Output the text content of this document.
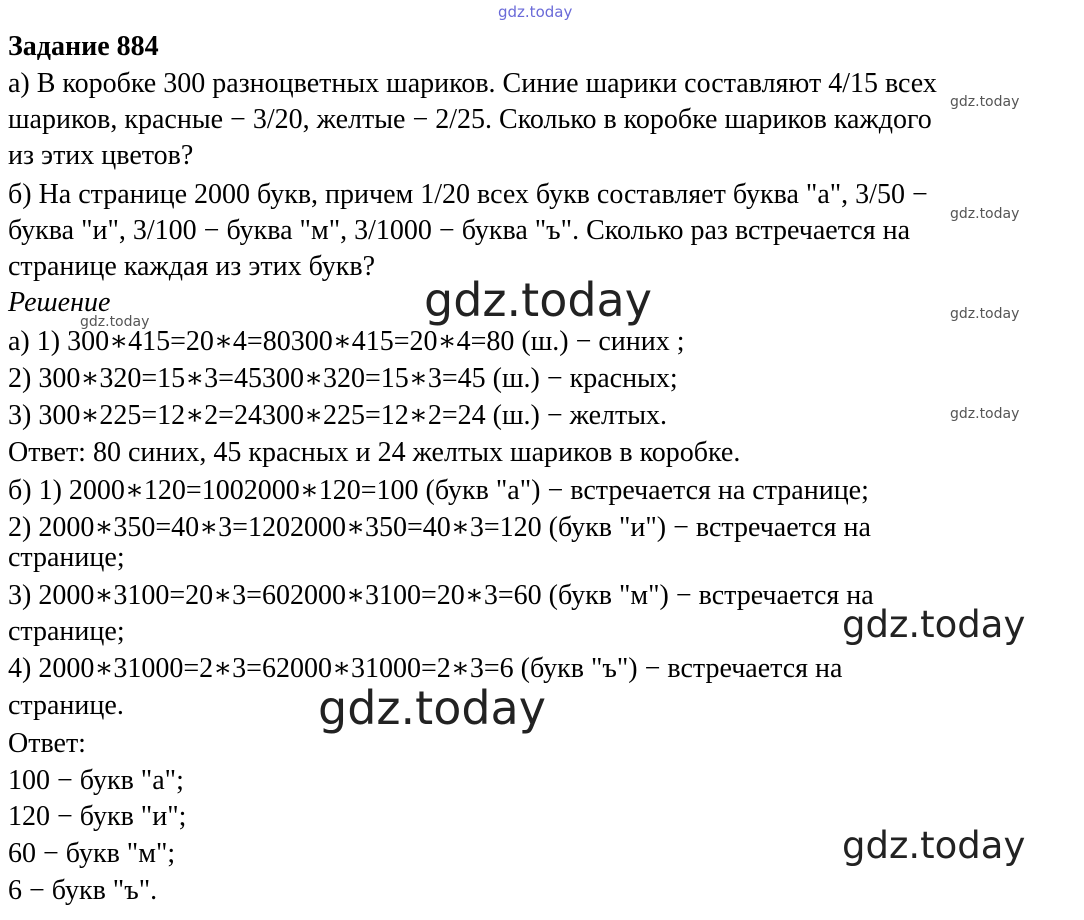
gdz.today
Задание 884
а) В коробке 300 разноцветных шариков. Синие шарики составляют 4/15 всех
шариков, красные − 3/20, желтые − 2/25. Сколько в коробке шариков каждого
из этих цветов?
б) На странице 2000 букв, причем 1/20 всех букв составляет буква "а", 3/50 −
буква "и", 3/100 − буква "м", 3/1000 − буква "ъ". Сколько раз встречается на
странице каждая из этих букв?
Решение
а) 1) 300∗415=20∗4=80300∗415=20∗4=80 (ш.) − синих ;
2) 300∗320=15∗3=45300∗320=15∗3=45 (ш.) − красных;
3) 300∗225=12∗2=24300∗225=12∗2=24 (ш.) − желтых.
Ответ: 80 синих, 45 красных и 24 желтых шариков в коробке.
б) 1) 2000∗120=1002000∗120=100 (букв "а") − встречается на странице;
2) 2000∗350=40∗3=1202000∗350=40∗3=120 (букв "и") − встречается на
странице;
3) 2000∗3100=20∗3=602000∗3100=20∗3=60 (букв "м") − встречается на
странице;
4) 2000∗31000=2∗3=62000∗31000=2∗3=6 (букв "ъ") − встречается на
странице.
Ответ:
100 − букв "а";
120 − букв "и";
60 − букв "м";
6 − букв "ъ".
gdz.today
gdz.today
gdz.today
gdz.today
gdz.today	gdz.today
gdz.today
gdz.today
gdz.today
